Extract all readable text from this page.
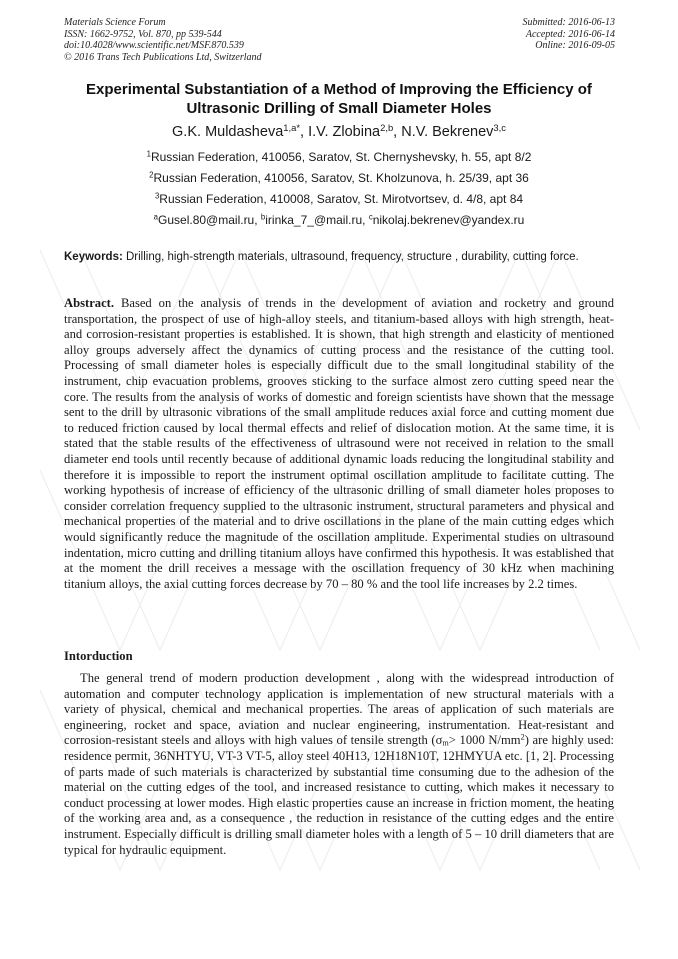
Materials Science Forum
ISSN: 1662-9752, Vol. 870, pp 539-544
doi:10.4028/www.scientific.net/MSF.870.539
© 2016 Trans Tech Publications Ltd, Switzerland
Submitted: 2016-06-13
Accepted: 2016-06-14
Online: 2016-09-05
Experimental Substantiation of a Method of Improving the Efficiency of Ultrasonic Drilling of Small Diameter Holes
G.K. Muldasheva$^{1,a*}$, I.V. Zlobina$^{2,b}$, N.V. Bekrenev$^{3,c}$
$^1$Russian Federation, 410056, Saratov, St. Chernyshevsky, h. 55, apt 8/2
$^2$Russian Federation, 410056, Saratov, St. Kholzunova, h. 25/39, apt 36
$^3$Russian Federation, 410008, Saratov, St. Mirotvortsev, d. 4/8, apt 84
$^a$Gusel.80@mail.ru, $^b$irinka_7_@mail.ru, $^c$nikolaj.bekrenev@yandex.ru
Keywords: Drilling, high-strength materials, ultrasound, frequency, structure , durability, cutting force.
Abstract. Based on the analysis of trends in the development of aviation and rocketry and ground transportation, the prospect of use of high-alloy steels, and titanium-based alloys with high strength, heat-and corrosion-resistant properties is established. It is shown, that high strength and elasticity of mentioned alloy groups adversely affect the dynamics of cutting process and the resistance of the cutting tool. Processing of small diameter holes is especially difficult due to the small longitudinal stability of the instrument, chip evacuation problems, grooves sticking to the surface almost zero cutting speed near the core. The results from the analysis of works of domestic and foreign scientists have shown that the message sent to the drill by ultrasonic vibrations of the small amplitude reduces axial force and cutting moment due to reduced friction caused by local thermal effects and relief of dislocation motion. At the same time, it is stated that the stable results of the effectiveness of ultrasound were not received in relation to the small diameter end tools until recently because of additional dynamic loads reducing the longitudinal stability and therefore it is impossible to report the instrument optimal oscillation amplitude to facilitate cutting. The working hypothesis of increase of efficiency of the ultrasonic drilling of small diameter holes proposes to consider correlation frequency supplied to the ultrasonic instrument, structural parameters and physical and mechanical properties of the material and to drive oscillations in the plane of the main cutting edges which would significantly reduce the magnitude of the oscillation amplitude. Experimental studies on ultrasound indentation, micro cutting and drilling titanium alloys have confirmed this hypothesis. It was established that at the moment the drill receives a message with the oscillation frequency of 30 kHz when machining titanium alloys, the axial cutting forces decrease by 70 – 80 % and the tool life increases by 2.2 times.
Intorduction
The general trend of modern production development , along with the widespread introduction of automation and computer technology application is implementation of new structural materials with a variety of physical, chemical and mechanical properties. The areas of application of such materials are engineering, rocket and space, aviation and nuclear engineering, instrumentation. Heat-resistant and corrosion-resistant steels and alloys with high values of tensile strength ($\sigma_m> 1000$ $N/mm^2$) are highly used: residence permit, 36NHTYU, VT-3 VT-5, alloy steel 40H13, 12H18N10T, 12HMYUA etc. [1, 2]. Processing of parts made of such materials is characterized by substantial time consuming due to the adhesion of the material on the cutting edges of the tool, and increased resistance to cutting, which makes it necessary to conduct processing at lower modes. High elastic properties cause an increase in friction moment, the heating of the working area and, as a consequence , the reduction in resistance of the cutting edges and the entire instrument. Especially difficult is drilling small diameter holes with a length of 5 – 10 drill diameters that are typical for hydraulic equipment.
